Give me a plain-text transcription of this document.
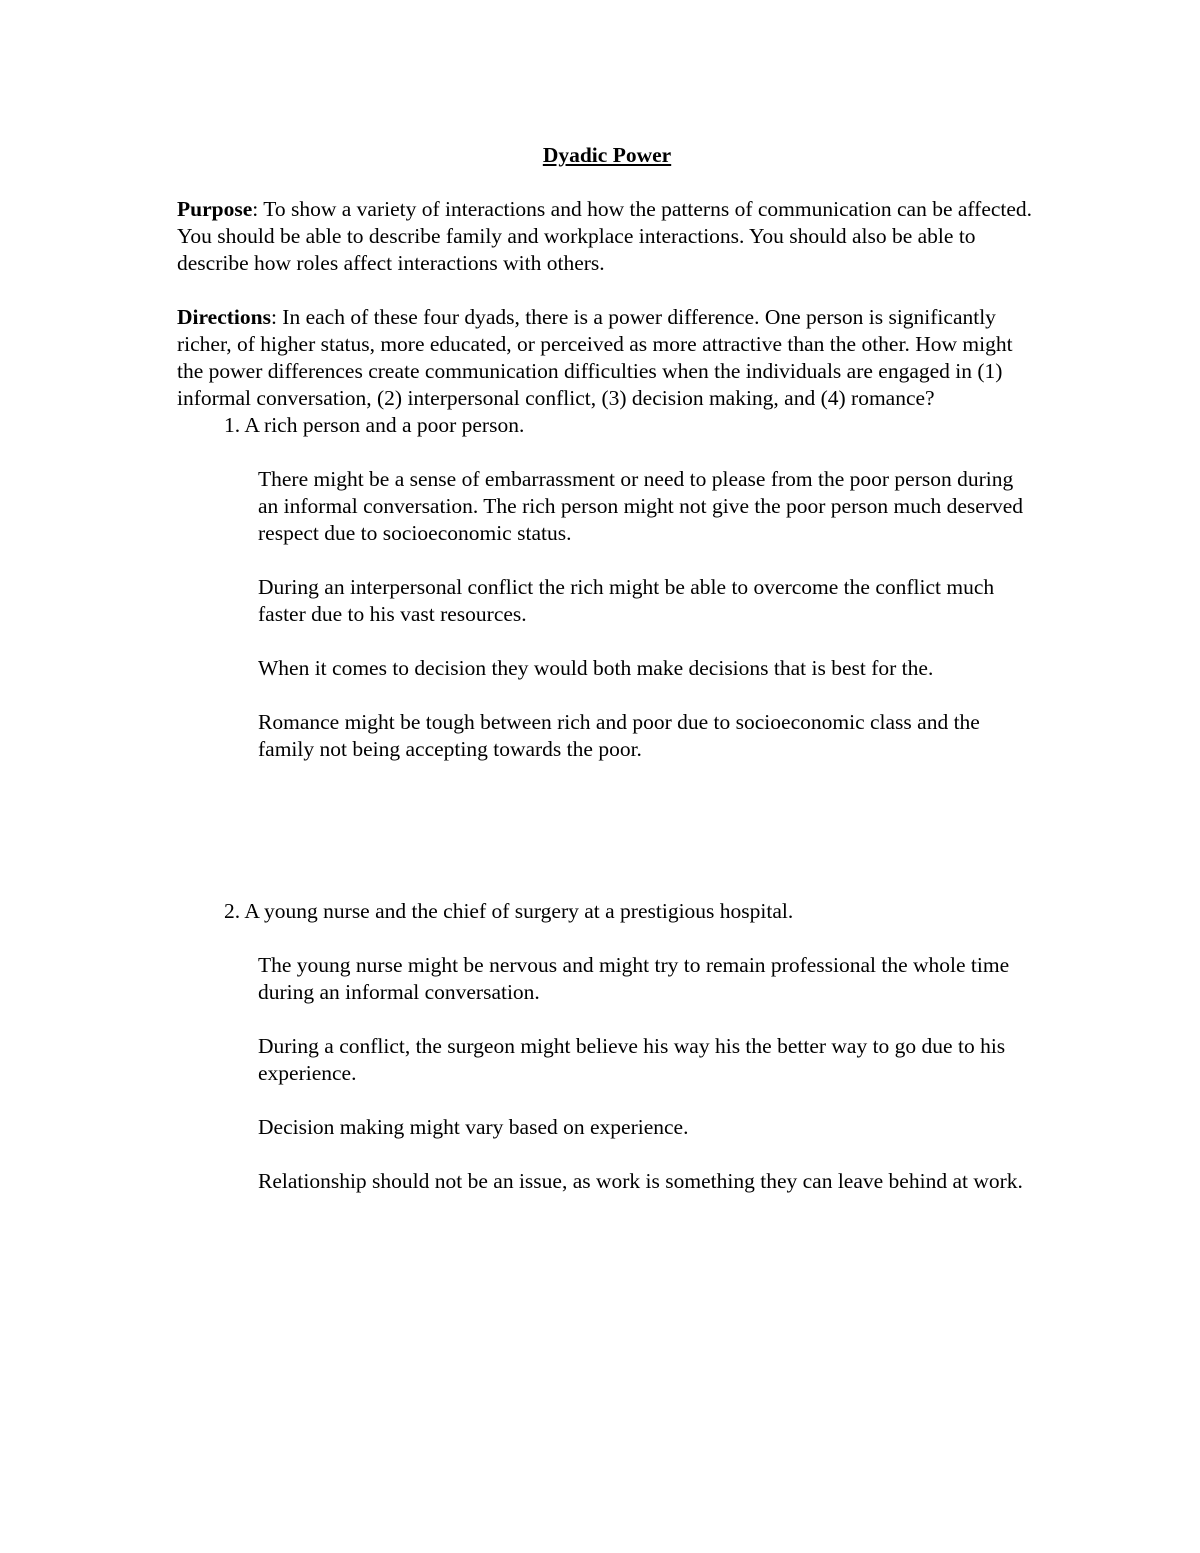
Dyadic Power
Purpose: To show a variety of interactions and how the patterns of communication can be affected. You should be able to describe family and workplace interactions. You should also be able to describe how roles affect interactions with others.
Directions: In each of these four dyads, there is a power difference. One person is significantly richer, of higher status, more educated, or perceived as more attractive than the other. How might the power differences create communication difficulties when the individuals are engaged in (1) informal conversation, (2) interpersonal conflict, (3) decision making, and (4) romance?
1. A rich person and a poor person.
There might be a sense of embarrassment or need to please from the poor person during an informal conversation. The rich person might not give the poor person much deserved respect due to socioeconomic status.
During an interpersonal conflict the rich might be able to overcome the conflict much faster due to his vast resources.
When it comes to decision they would both make decisions that is best for the.
Romance might be tough between rich and poor due to socioeconomic class and the family not being accepting towards the poor.
2. A young nurse and the chief of surgery at a prestigious hospital.
The young nurse might be nervous and might try to remain professional the whole time during an informal conversation.
During a conflict, the surgeon might believe his way his the better way to go due to his experience.
Decision making might vary based on experience.
Relationship should not be an issue, as work is something they can leave behind at work.
